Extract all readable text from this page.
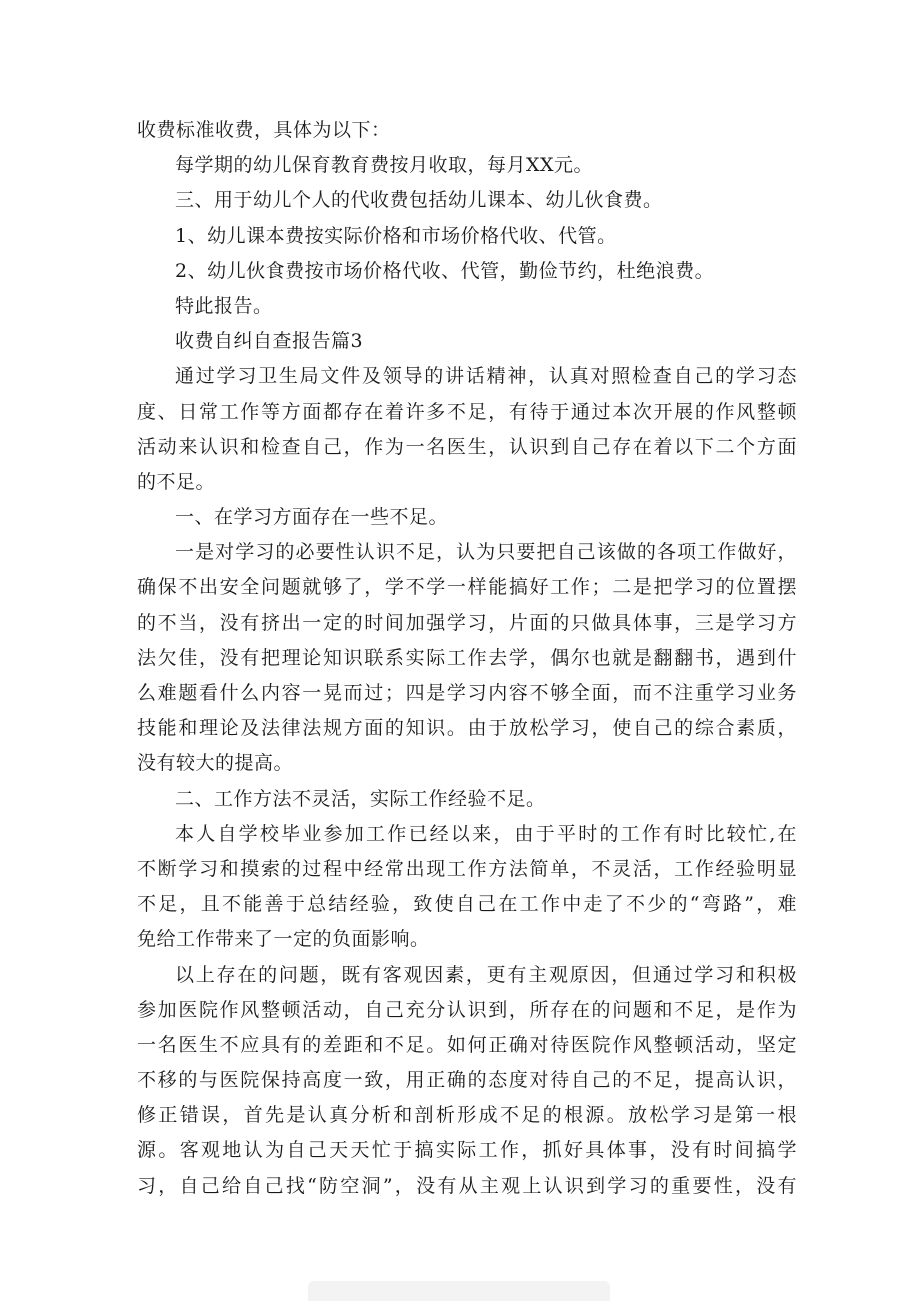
收费标准收费，具体为以下：
每学期的幼儿保育教育费按月收取，每月XX元。
三、用于幼儿个人的代收费包括幼儿课本、幼儿伙食费。
1、幼儿课本费按实际价格和市场价格代收、代管。
2、幼儿伙食费按市场价格代收、代管，勤俭节约，杜绝浪费。
特此报告。
收费自纠自查报告篇3
通过学习卫生局文件及领导的讲话精神，认真对照检查自己的学习态
度、日常工作等方面都存在着许多不足，有待于通过本次开展的作风整顿
活动来认识和检查自己，作为一名医生，认识到自己存在着以下二个方面
的不足。
一、在学习方面存在一些不足。
一是对学习的必要性认识不足，认为只要把自己该做的各项工作做好，
确保不出安全问题就够了，学不学一样能搞好工作；二是把学习的位置摆
的不当，没有挤出一定的时间加强学习，片面的只做具体事，三是学习方
法欠佳，没有把理论知识联系实际工作去学，偶尔也就是翻翻书，遇到什
么难题看什么内容一晃而过；四是学习内容不够全面，而不注重学习业务
技能和理论及法律法规方面的知识。由于放松学习，使自己的综合素质，
没有较大的提高。
二、工作方法不灵活，实际工作经验不足。
本人自学校毕业参加工作已经以来，由于平时的工作有时比较忙,在
不断学习和摸索的过程中经常出现工作方法简单，不灵活，工作经验明显
不足，且不能善于总结经验，致使自己在工作中走了不少的“弯路”，难
免给工作带来了一定的负面影响。
以上存在的问题，既有客观因素，更有主观原因，但通过学习和积极
参加医院作风整顿活动，自己充分认识到，所存在的问题和不足，是作为
一名医生不应具有的差距和不足。如何正确对待医院作风整顿活动，坚定
不移的与医院保持高度一致，用正确的态度对待自己的不足，提高认识，
修正错误，首先是认真分析和剖析形成不足的根源。放松学习是第一根
源。客观地认为自己天天忙于搞实际工作，抓好具体事，没有时间搞学
习，自己给自己找“防空洞”，没有从主观上认识到学习的重要性，没有
